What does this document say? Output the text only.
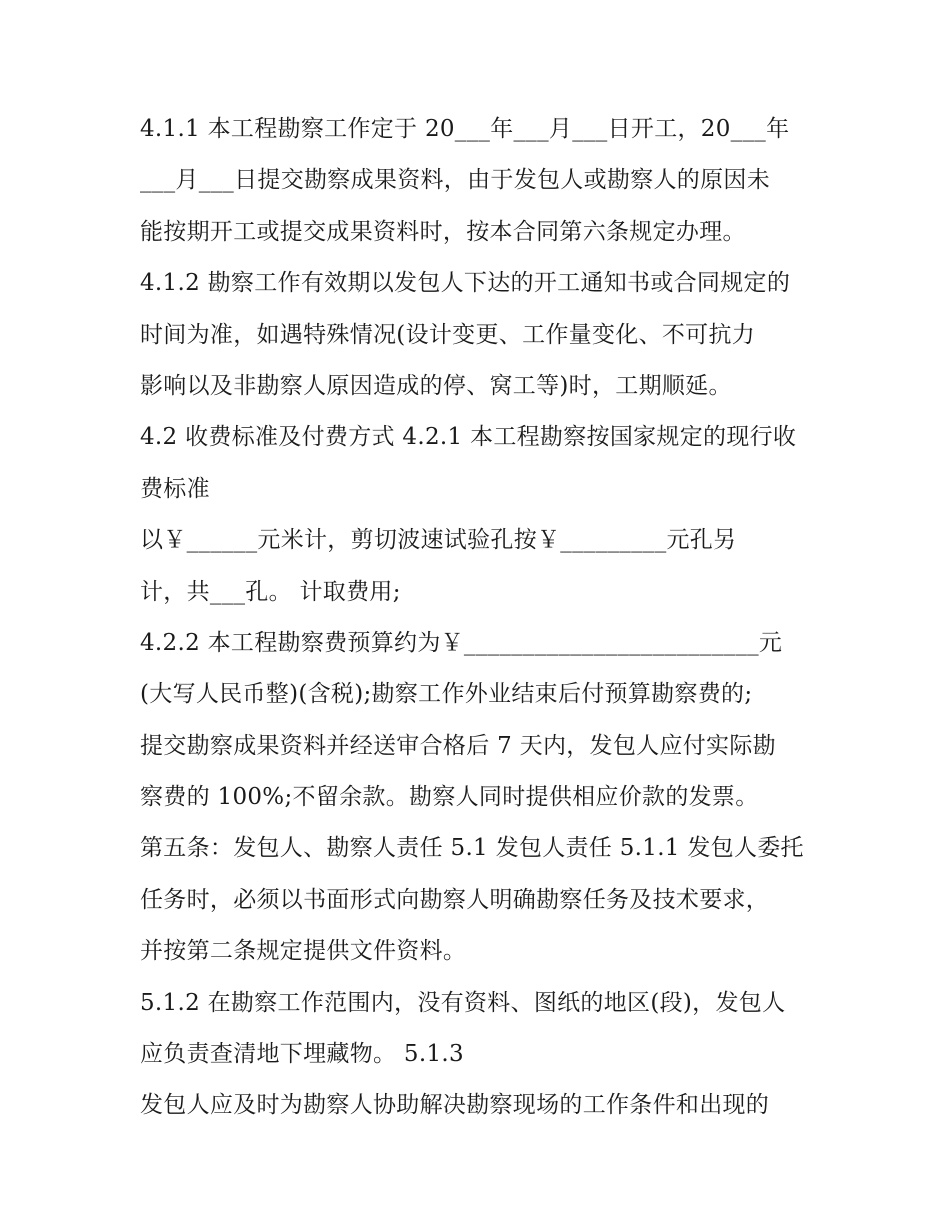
4.1.1 本工程勘察工作定于 20___年___月___日开工，20___年
___月___日提交勘察成果资料，由于发包人或勘察人的原因未
能按期开工或提交成果资料时，按本合同第六条规定办理。
4.1.2 勘察工作有效期以发包人下达的开工通知书或合同规定的
时间为准，如遇特殊情况(设计变更、工作量变化、不可抗力
影响以及非勘察人原因造成的停、窝工等)时，工期顺延。
4.2 收费标准及付费方式 4.2.1 本工程勘察按国家规定的现行收
费标准
以￥______元米计，剪切波速试验孔按￥_________元孔另
计，共___孔。 计取费用;
4.2.2 本工程勘察费预算约为￥_________________________元
(大写人民币整)(含税);勘察工作外业结束后付预算勘察费的;
提交勘察成果资料并经送审合格后 7 天内，发包人应付实际勘
察费的 100%;不留余款。勘察人同时提供相应价款的发票。
第五条：发包人、勘察人责任 5.1 发包人责任 5.1.1 发包人委托
任务时，必须以书面形式向勘察人明确勘察任务及技术要求，
并按第二条规定提供文件资料。
5.1.2 在勘察工作范围内，没有资料、图纸的地区(段)，发包人
应负责查清地下埋藏物。 5.1.3
发包人应及时为勘察人协助解决勘察现场的工作条件和出现的
